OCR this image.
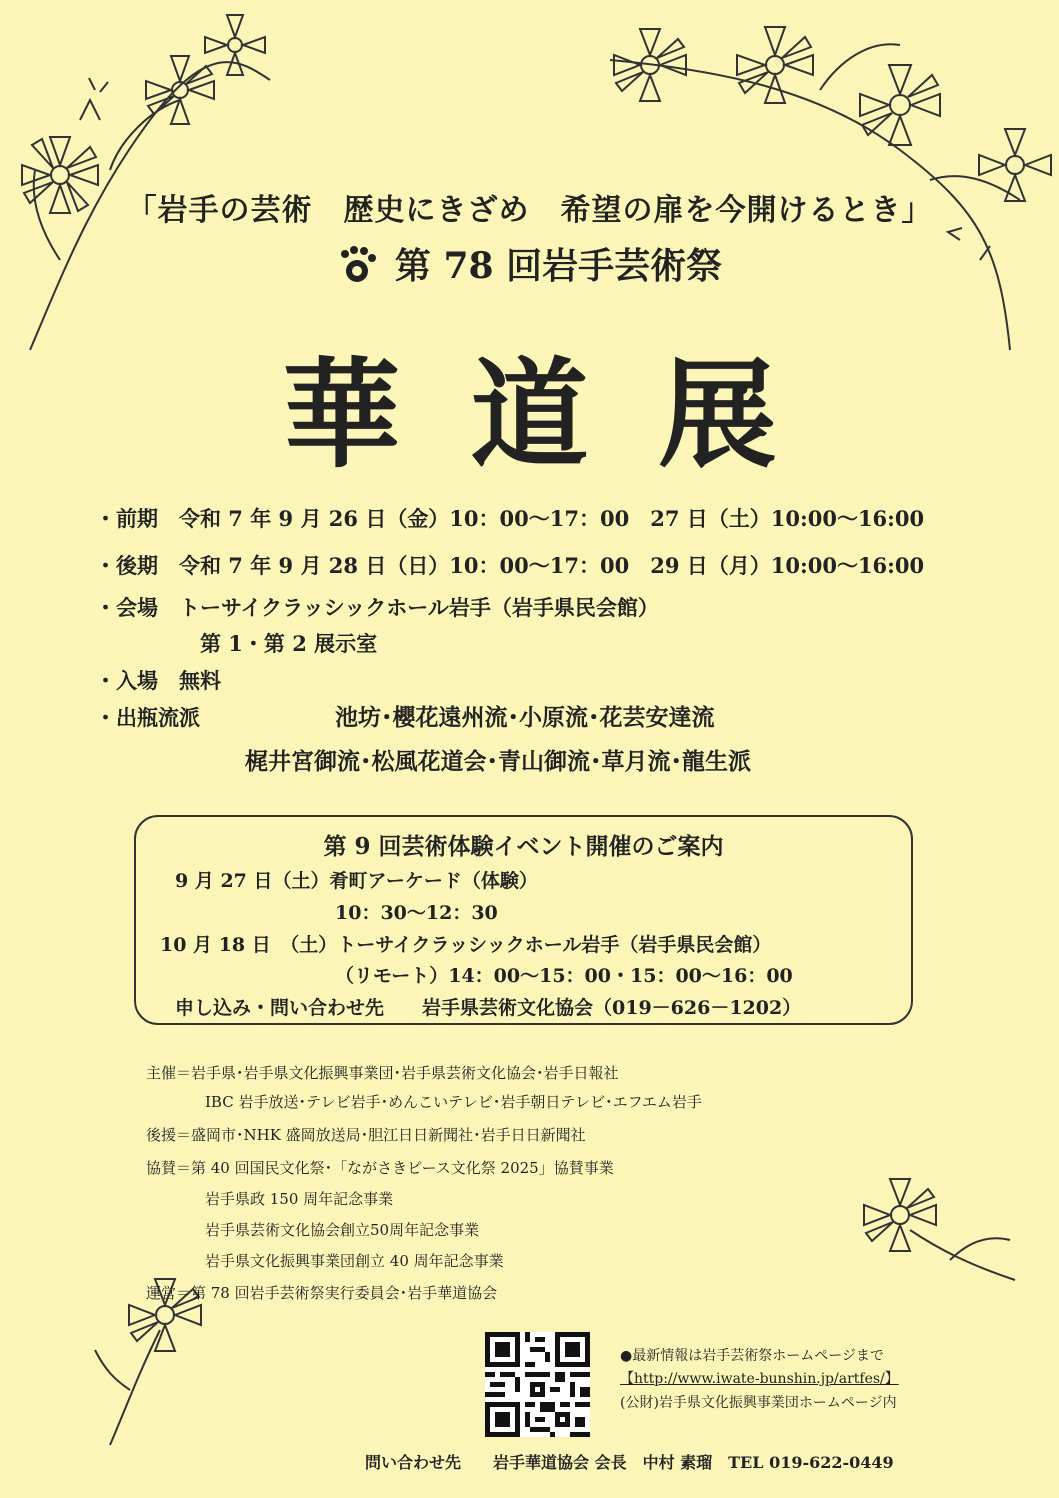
「岩手の芸術　歴史にきざめ　希望の扉を今開けるとき」
第 78 回岩手芸術祭
華道展
・前期　令和 7 年 9 月 26 日（金）10：00～17：00　27 日（土）10:00～16:00
・後期　令和 7 年 9 月 28 日（日）10：00～17：00　29 日（月）10:00～16:00
・会場　トーサイクラッシックホール岩手（岩手県民会館）
第 1・第 2 展示室
・入場　無料
・出瓶流派	池坊･櫻花遠州流･小原流･花芸安達流
梶井宮御流･松風花道会･青山御流･草月流･龍生派
第 9 回芸術体験イベント開催のご案内
9 月 27 日（土）肴町アーケード（体験）
10：30～12：30
10 月 18 日　（土）トーサイクラッシックホール岩手（岩手県民会館）
（リモート）14：00～15：00・15：00～16：00
申し込み・問い合わせ先　　岩手県芸術文化協会（019－626－1202）
主催＝岩手県･岩手県文化振興事業団･岩手県芸術文化協会･岩手日報社
IBC 岩手放送･テレビ岩手･めんこいテレビ･岩手朝日テレビ･エフエム岩手
後援＝盛岡市･NHK 盛岡放送局･胆江日日新聞社･岩手日日新聞社
協賛＝第 40 回国民文化祭･「ながさきピース文化祭 2025」協賛事業
岩手県政 150 周年記念事業
岩手県芸術文化協会創立50周年記念事業
岩手県文化振興事業団創立 40 周年記念事業
運営＝第 78 回岩手芸術祭実行委員会･岩手華道協会
●最新情報は岩手芸術祭ホームページまで
【http://www.iwate-bunshin.jp/artfes/】
(公財)岩手県文化振興事業団ホームページ内
問い合わせ先　　岩手華道協会 会長　中村 素瑠　TEL 019-622-0449
